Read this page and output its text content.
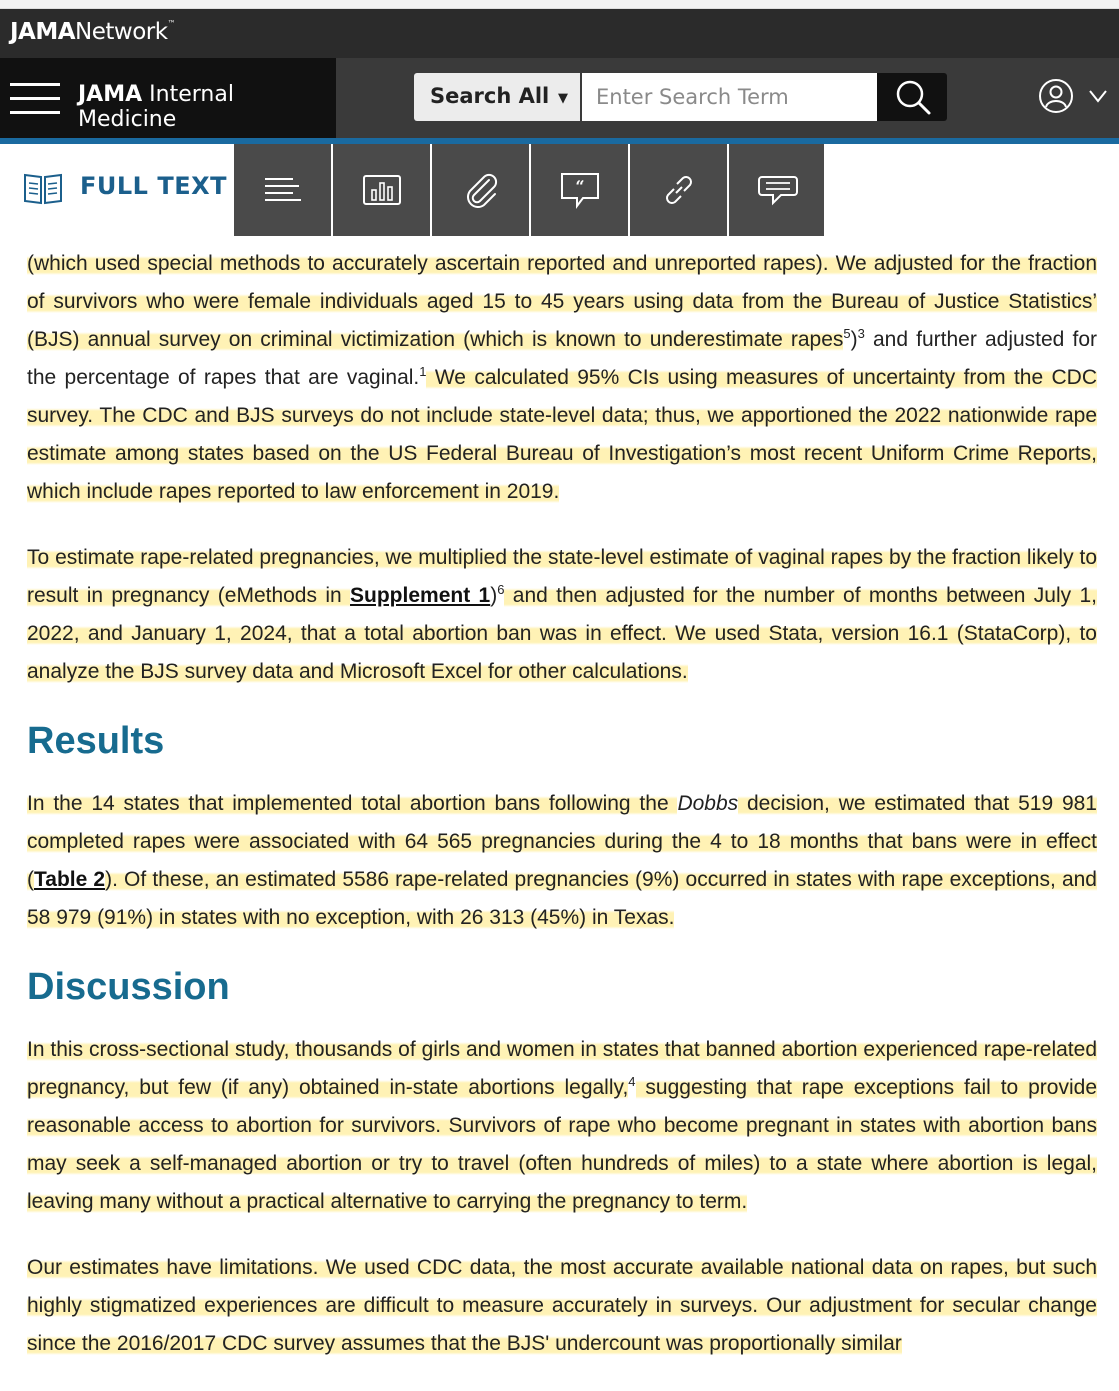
JAMANetwork™
JAMA Internal Medicine
Search All ▼
Enter Search Term
FULL TEXT	“

(which used special methods to accurately ascertain reported and unreported rapes). We adjusted for the fraction of survivors who were female individuals aged 15 to 45 years using data from the Bureau of Justice Statistics’ (BJS) annual survey on criminal victimization (which is known to underestimate rapes$^5$)$^3$ and further adjusted for the percentage of rapes that are vaginal.$^1$ We calculated 95% CIs using measures of uncertainty from the CDC survey. The CDC and BJS surveys do not include state-level data; thus, we apportioned the 2022 nationwide rape estimate among states based on the US Federal Bureau of Investigation’s most recent Uniform Crime Reports, which include rapes reported to law enforcement in 2019.

To estimate rape-related pregnancies, we multiplied the state-level estimate of vaginal rapes by the fraction likely to result in pregnancy (eMethods in Supplement 1)$^6$ and then adjusted for the number of months between July 1, 2022, and January 1, 2024, that a total abortion ban was in effect. We used Stata, version 16.1 (StataCorp), to analyze the BJS survey data and Microsoft Excel for other calculations.

Results

In the 14 states that implemented total abortion bans following the Dobbs decision, we estimated that 519 981 completed rapes were associated with 64 565 pregnancies during the 4 to 18 months that bans were in effect (Table 2). Of these, an estimated 5586 rape-related pregnancies (9%) occurred in states with rape exceptions, and 58 979 (91%) in states with no exception, with 26 313 (45%) in Texas.

Discussion

In this cross-sectional study, thousands of girls and women in states that banned abortion experienced rape-related pregnancy, but few (if any) obtained in-state abortions legally,$^4$ suggesting that rape exceptions fail to provide reasonable access to abortion for survivors. Survivors of rape who become pregnant in states with abortion bans may seek a self-managed abortion or try to travel (often hundreds of miles) to a state where abortion is legal, leaving many without a practical alternative to carrying the pregnancy to term.

Our estimates have limitations. We used CDC data, the most accurate available national data on rapes, but such highly stigmatized experiences are difficult to measure accurately in surveys. Our adjustment for secular change since the 2016/2017 CDC survey assumes that the BJS' undercount was proportionally similar
